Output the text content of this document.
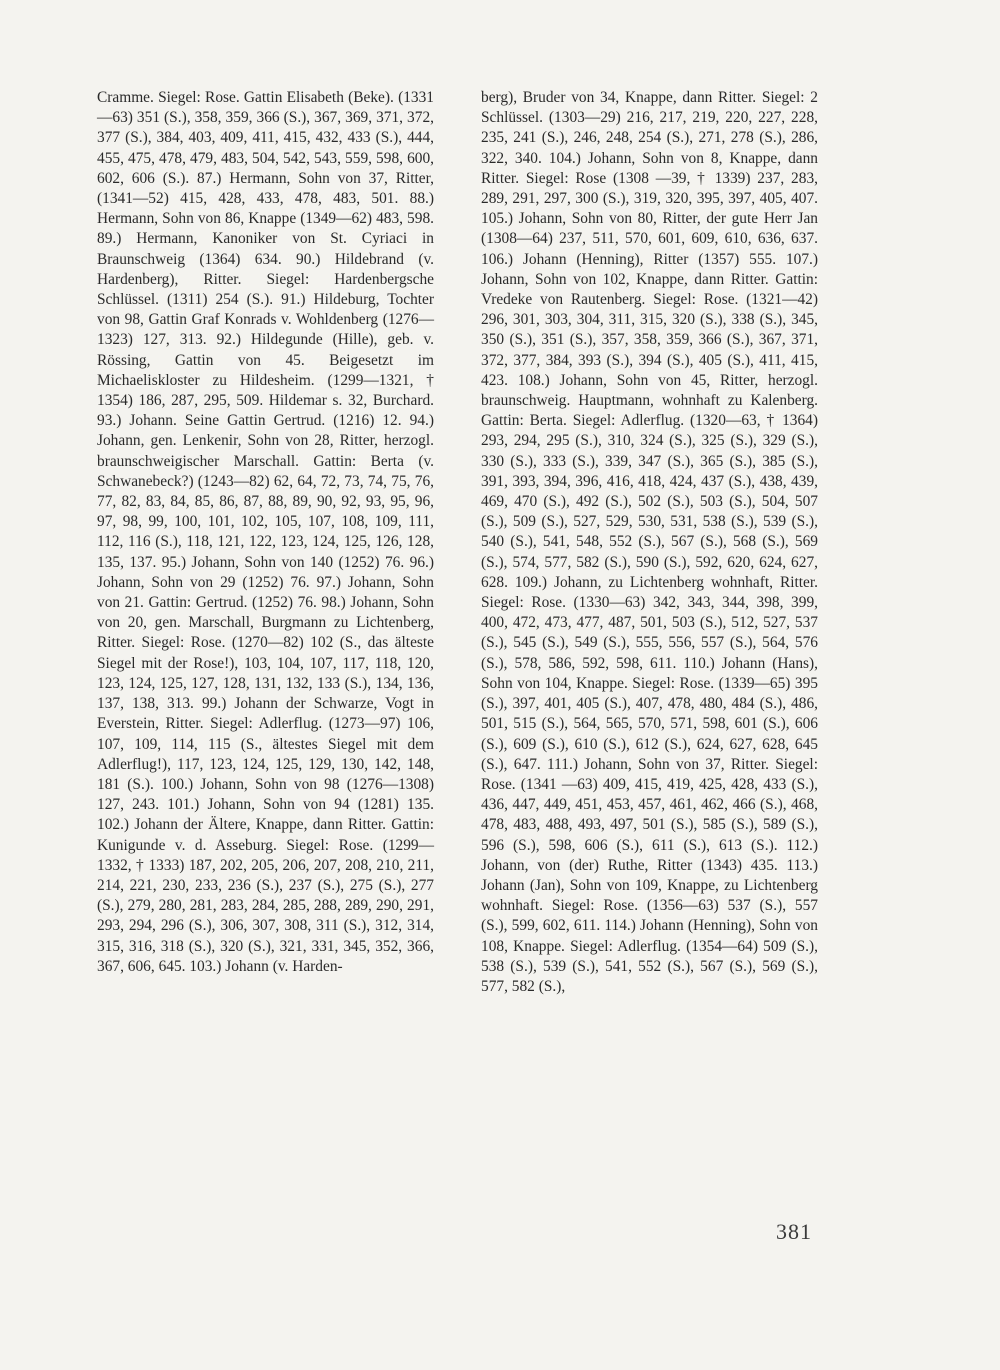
Cramme. Siegel: Rose. Gattin Elisabeth (Beke). (1331—63) 351 (S.), 358, 359, 366 (S.), 367, 369, 371, 372, 377 (S.), 384, 403, 409, 411, 415, 432, 433 (S.), 444, 455, 475, 478, 479, 483, 504, 542, 543, 559, 598, 600, 602, 606 (S.). 87.) Hermann, Sohn von 37, Ritter, (1341—52) 415, 428, 433, 478, 483, 501. 88.) Hermann, Sohn von 86, Knappe (1349—62) 483, 598. 89.) Hermann, Kanoniker von St. Cyriaci in Braunschweig (1364) 634. 90.) Hildebrand (v. Hardenberg), Ritter. Siegel: Hardenbergsche Schlüssel. (1311) 254 (S.). 91.) Hildeburg, Tochter von 98, Gattin Graf Konrads v. Wohldenberg (1276—1323) 127, 313. 92.) Hildegunde (Hille), geb. v. Rössing, Gattin von 45. Beigesetzt im Michaeliskloster zu Hildesheim. (1299—1321, † 1354) 186, 287, 295, 509. Hildemar s. 32, Burchard. 93.) Johann. Seine Gattin Gertrud. (1216) 12. 94.) Johann, gen. Lenkenir, Sohn von 28, Ritter, herzogl. braunschweigischer Marschall. Gattin: Berta (v. Schwanebeck?) (1243—82) 62, 64, 72, 73, 74, 75, 76, 77, 82, 83, 84, 85, 86, 87, 88, 89, 90, 92, 93, 95, 96, 97, 98, 99, 100, 101, 102, 105, 107, 108, 109, 111, 112, 116 (S.), 118, 121, 122, 123, 124, 125, 126, 128, 135, 137. 95.) Johann, Sohn von 140 (1252) 76. 96.) Johann, Sohn von 29 (1252) 76. 97.) Johann, Sohn von 21. Gattin: Gertrud. (1252) 76. 98.) Johann, Sohn von 20, gen. Marschall, Burgmann zu Lichtenberg, Ritter. Siegel: Rose. (1270—82) 102 (S., das älteste Siegel mit der Rose!), 103, 104, 107, 117, 118, 120, 123, 124, 125, 127, 128, 131, 132, 133 (S.), 134, 136, 137, 138, 313. 99.) Johann der Schwarze, Vogt in Everstein, Ritter. Siegel: Adlerflug. (1273—97) 106, 107, 109, 114, 115 (S., ältestes Siegel mit dem Adlerflug!), 117, 123, 124, 125, 129, 130, 142, 148, 181 (S.). 100.) Johann, Sohn von 98 (1276—1308) 127, 243. 101.) Johann, Sohn von 94 (1281) 135. 102.) Johann der Ältere, Knappe, dann Ritter. Gattin: Kunigunde v. d. Asseburg. Siegel: Rose. (1299—1332, † 1333) 187, 202, 205, 206, 207, 208, 210, 211, 214, 221, 230, 233, 236 (S.), 237 (S.), 275 (S.), 277 (S.), 279, 280, 281, 283, 284, 285, 288, 289, 290, 291, 293, 294, 296 (S.), 306, 307, 308, 311 (S.), 312, 314, 315, 316, 318 (S.), 320 (S.), 321, 331, 345, 352, 366, 367, 606, 645. 103.) Johann (v. Harden-

berg), Bruder von 34, Knappe, dann Ritter. Siegel: 2 Schlüssel. (1303—29) 216, 217, 219, 220, 227, 228, 235, 241 (S.), 246, 248, 254 (S.), 271, 278 (S.), 286, 322, 340. 104.) Johann, Sohn von 8, Knappe, dann Ritter. Siegel: Rose (1308 —39, † 1339) 237, 283, 289, 291, 297, 300 (S.), 319, 320, 395, 397, 405, 407. 105.) Johann, Sohn von 80, Ritter, der gute Herr Jan (1308—64) 237, 511, 570, 601, 609, 610, 636, 637. 106.) Johann (Henning), Ritter (1357) 555. 107.) Johann, Sohn von 102, Knappe, dann Ritter. Gattin: Vredeke von Rautenberg. Siegel: Rose. (1321—42) 296, 301, 303, 304, 311, 315, 320 (S.), 338 (S.), 345, 350 (S.), 351 (S.), 357, 358, 359, 366 (S.), 367, 371, 372, 377, 384, 393 (S.), 394 (S.), 405 (S.), 411, 415, 423. 108.) Johann, Sohn von 45, Ritter, herzogl. braunschweig. Hauptmann, wohnhaft zu Kalenberg. Gattin: Berta. Siegel: Adlerflug. (1320—63, † 1364) 293, 294, 295 (S.), 310, 324 (S.), 325 (S.), 329 (S.), 330 (S.), 333 (S.), 339, 347 (S.), 365 (S.), 385 (S.), 391, 393, 394, 396, 416, 418, 424, 437 (S.), 438, 439, 469, 470 (S.), 492 (S.), 502 (S.), 503 (S.), 504, 507 (S.), 509 (S.), 527, 529, 530, 531, 538 (S.), 539 (S.), 540 (S.), 541, 548, 552 (S.), 567 (S.), 568 (S.), 569 (S.), 574, 577, 582 (S.), 590 (S.), 592, 620, 624, 627, 628. 109.) Johann, zu Lichtenberg wohnhaft, Ritter. Siegel: Rose. (1330—63) 342, 343, 344, 398, 399, 400, 472, 473, 477, 487, 501, 503 (S.), 512, 527, 537 (S.), 545 (S.), 549 (S.), 555, 556, 557 (S.), 564, 576 (S.), 578, 586, 592, 598, 611. 110.) Johann (Hans), Sohn von 104, Knappe. Siegel: Rose. (1339—65) 395 (S.), 397, 401, 405 (S.), 407, 478, 480, 484 (S.), 486, 501, 515 (S.), 564, 565, 570, 571, 598, 601 (S.), 606 (S.), 609 (S.), 610 (S.), 612 (S.), 624, 627, 628, 645 (S.), 647. 111.) Johann, Sohn von 37, Ritter. Siegel: Rose. (1341 —63) 409, 415, 419, 425, 428, 433 (S.), 436, 447, 449, 451, 453, 457, 461, 462, 466 (S.), 468, 478, 483, 488, 493, 497, 501 (S.), 585 (S.), 589 (S.), 596 (S.), 598, 606 (S.), 611 (S.), 613 (S.). 112.) Johann, von (der) Ruthe, Ritter (1343) 435. 113.) Johann (Jan), Sohn von 109, Knappe, zu Lichtenberg wohnhaft. Siegel: Rose. (1356—63) 537 (S.), 557 (S.), 599, 602, 611. 114.) Johann (Henning), Sohn von 108, Knappe. Siegel: Adlerflug. (1354—64) 509 (S.), 538 (S.), 539 (S.), 541, 552 (S.), 567 (S.), 569 (S.), 577, 582 (S.),

381
